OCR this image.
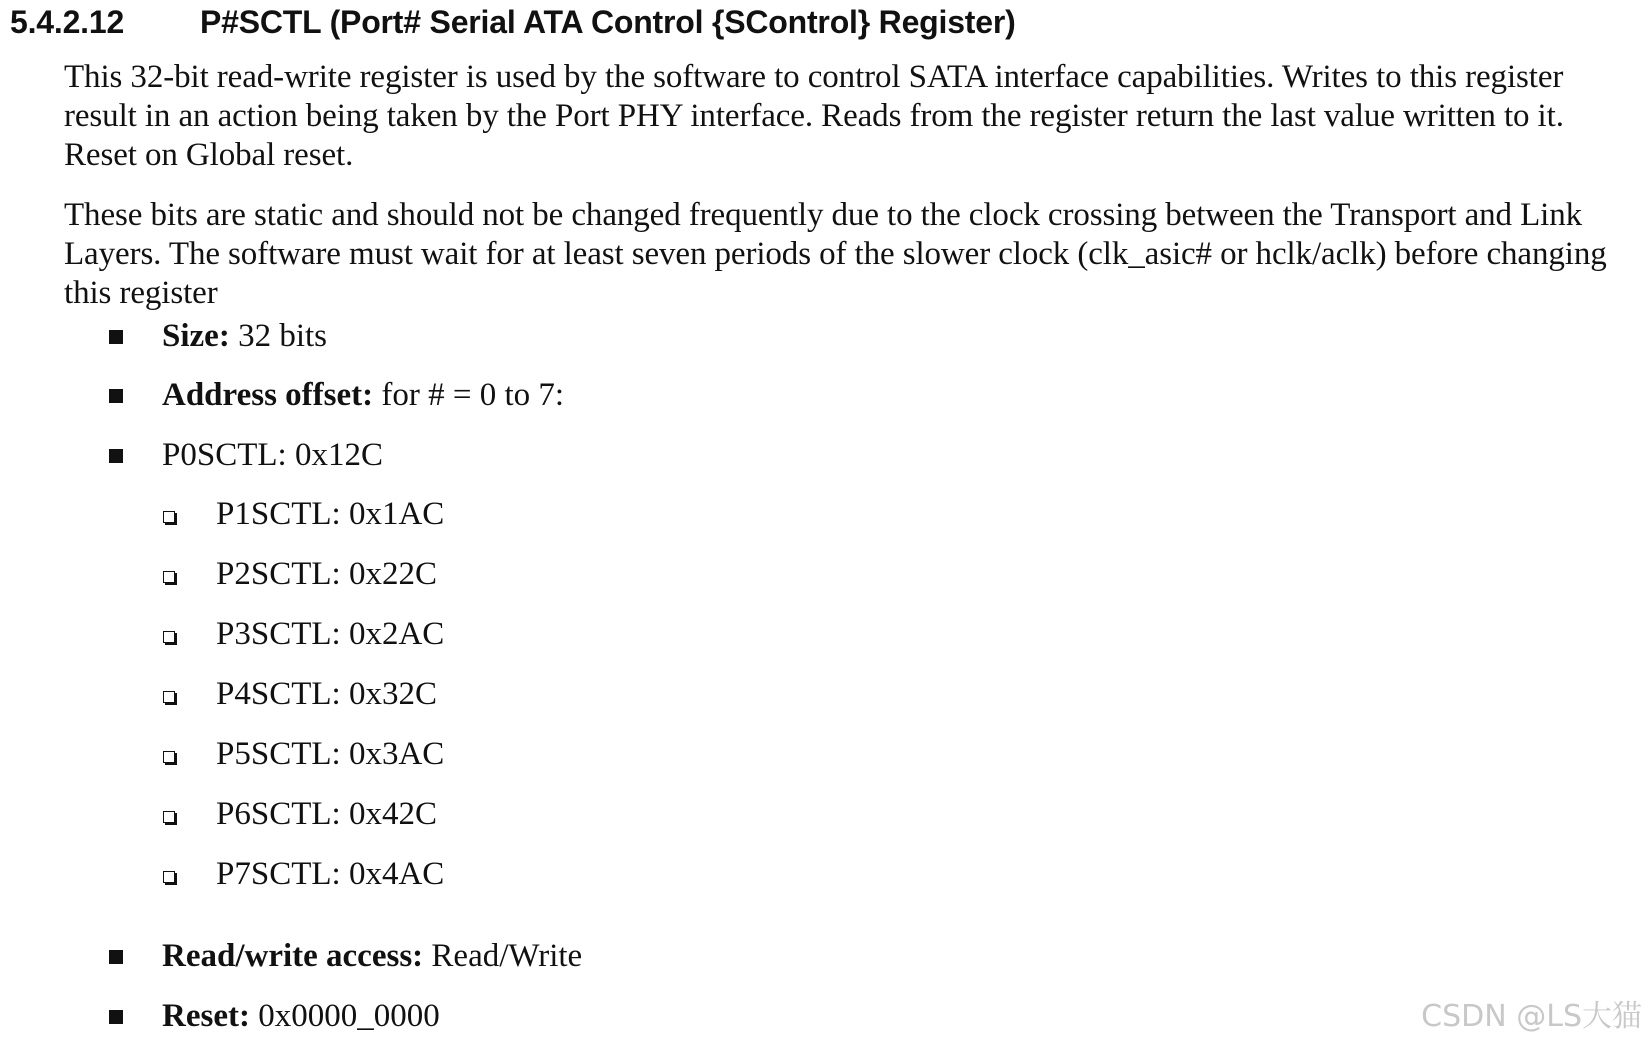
5.4.2.12 P#SCTL (Port# Serial ATA Control {SControl} Register)

This 32-bit read-write register is used by the software to control SATA interface capabilities. Writes to this register result in an action being taken by the Port PHY interface. Reads from the register return the last value written to it. Reset on Global reset.

These bits are static and should not be changed frequently due to the clock crossing between the Transport and Link Layers. The software must wait for at least seven periods of the slower clock (clk_asic# or hclk/aclk) before changing this register

Size: 32 bits
Address offset: for # = 0 to 7:
P0SCTL: 0x12C
P1SCTL: 0x1AC
P2SCTL: 0x22C
P3SCTL: 0x2AC
P4SCTL: 0x32C
P5SCTL: 0x3AC
P6SCTL: 0x42C
P7SCTL: 0x4AC
Read/write access: Read/Write
Reset: 0x0000_0000	CSDN @LS大猫
